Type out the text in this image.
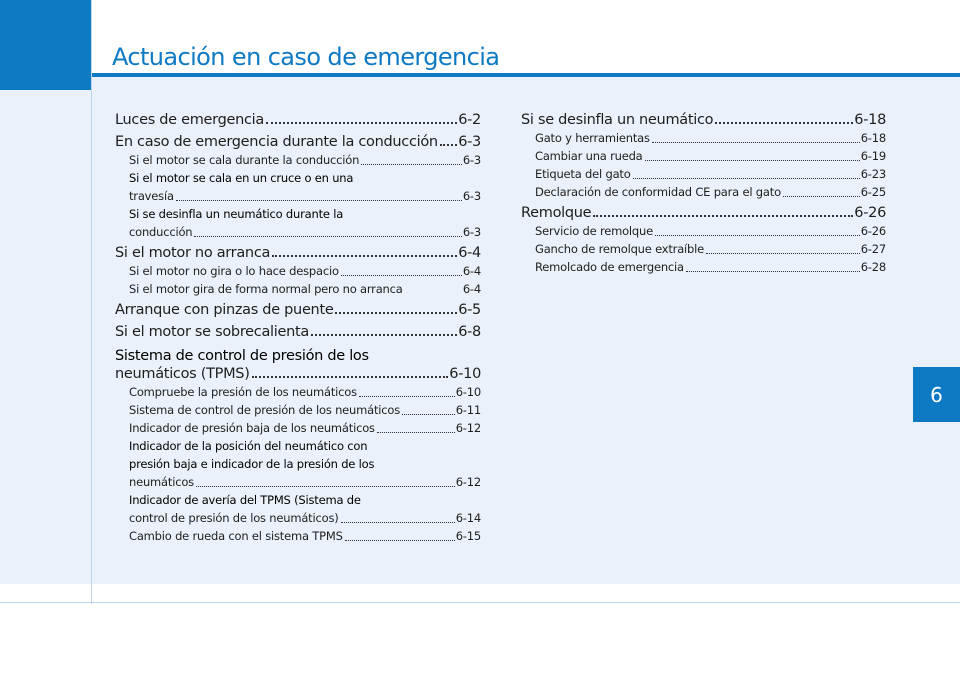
Actuación en caso de emergencia
6
Luces de emergencia	6-2
En caso de emergencia durante la conducción 6-3
Si el motor se cala durante la conducción	6-3
Si el motor se cala en un cruce o en una
travesía	6-3
Si se desinfla un neumático durante la
conducción	6-3
Si el motor no arranca	6-4
Si el motor no gira o lo hace despacio	6-4
Si el motor gira de forma normal pero no arranca	6-4
Arranque con pinzas de puente	6-5
Si el motor se sobrecalienta	6-8
Sistema de control de presión de los
neumáticos (TPMS)	6-10
Compruebe la presión de los neumáticos	6-10
Sistema de control de presión de los neumáticos	6-11
Indicador de presión baja de los neumáticos	6-12
Indicador de la posición del neumático con
presión baja e indicador de la presión de los
neumáticos	6-12
Indicador de avería del TPMS (Sistema de
control de presión de los neumáticos)	6-14
Cambio de rueda con el sistema TPMS	6-15
Si se desinfla un neumático	6-18
Gato y herramientas	6-18
Cambiar una rueda	6-19
Etiqueta del gato	6-23
Declaración de conformidad CE para el gato	6-25
Remolque	6-26
Servicio de remolque	6-26
Gancho de remolque extraíble	6-27
Remolcado de emergencia	6-28
